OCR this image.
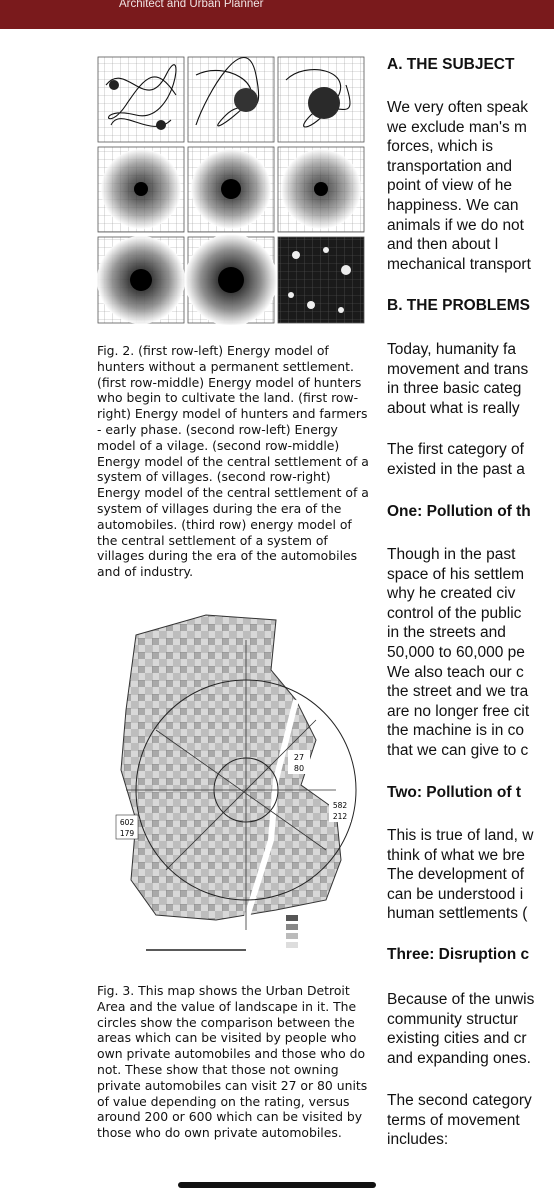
Architect and Urban Planner
Fig. 2. (first row-left) Energy model of hunters without a permanent settlement. (first row-middle) Energy model of hunters who begin to cultivate the land. (first row-right) Energy model of hunters and farmers - early phase. (second row-left) Energy model of a vilage. (second row-middle) Energy model of the central settlement of a system of villages. (second row-right) Energy model of the central settlement of a system of villages during the era of the automobiles. (third row) energy model of the central settlement of a system of villages during the era of the automobiles and of industry.
27
80
602
179
582
212
Fig. 3. This map shows the Urban Detroit Area and the value of landscape in it. The circles show the comparison between the areas which can be visited by people who own private automobiles and those who do not. These show that those not owning private automobiles can visit 27 or 80 units of value depending on the rating, versus around 200 or 600 which can be visited by those who do own private automobiles.
A. THE SUBJECT
We very often speak
we exclude man's m
forces, which is
transportation and
point of view of he
happiness. We can
animals if we do not
and then about l
mechanical transport
B. THE PROBLEMS
Today, humanity fa
movement and trans
in three basic categ
about what is really
The first category of
existed in the past a
One: Pollution of th
Though in the past
space of his settlem
why he created civ
control of the public
in the streets and
50,000 to 60,000 pe
We also teach our c
the street and we tra
are no longer free cit
the machine is in co
that we can give to c
Two: Pollution of t
This is true of land, w
think of what we bre
The development of
can be understood i
human settlements (
Three: Disruption c
Because of the unwis
community structur
existing cities and cr
and expanding ones.
The second category
terms of movement
includes:
